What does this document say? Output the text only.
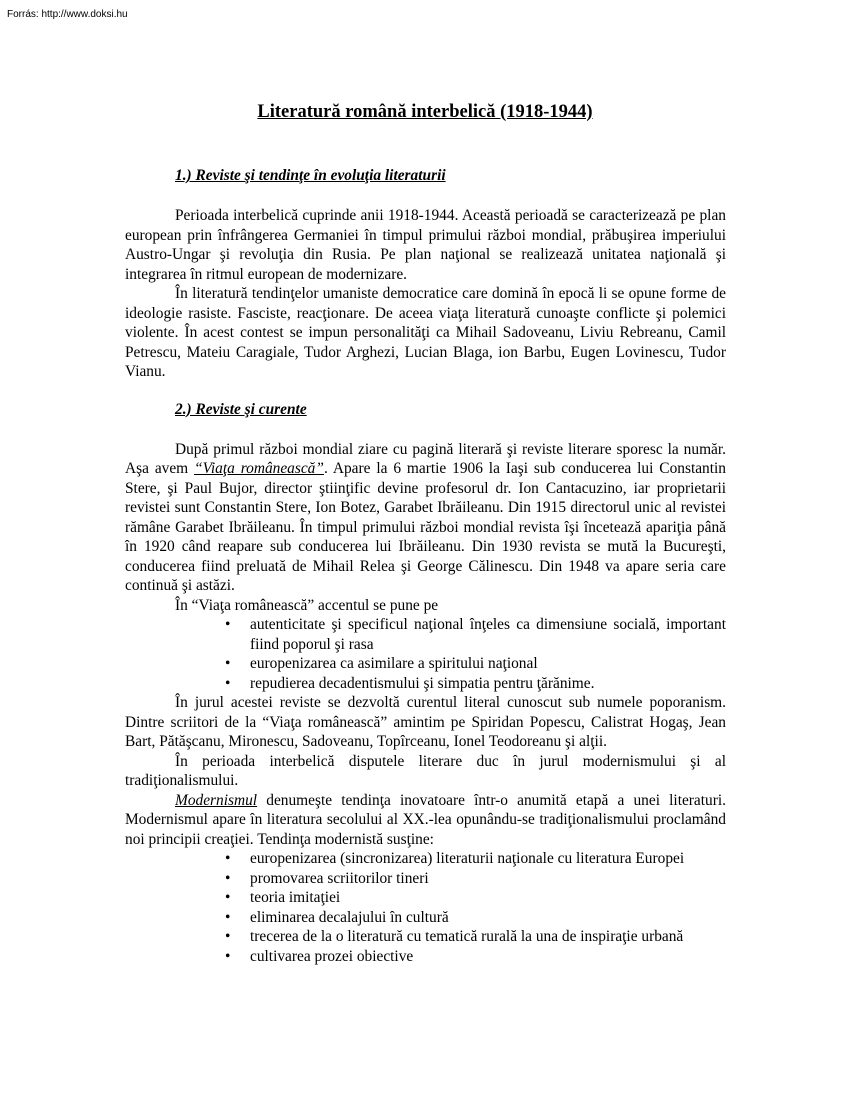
Forrás: http://www.doksi.hu
Literatură română interbelică (1918-1944)
1.) Reviste şi tendinţe în evoluţia literaturii

Perioada interbelică cuprinde anii 1918-1944. Această perioadă se caracterizează pe plan european prin înfrângerea Germaniei în timpul primului război mondial, prăbuşirea imperiului Austro-Ungar şi revoluţia din Rusia. Pe plan naţional se realizează unitatea naţională şi integrarea în ritmul european de modernizare.

În literatură tendinţelor umaniste democratice care domină în epocă li se opune forme de ideologie rasiste. Fasciste, reacţionare. De aceea viaţa literatură cunoaşte conflicte şi polemici violente. În acest contest se impun personalităţi ca Mihail Sadoveanu, Liviu Rebreanu, Camil Petrescu, Mateiu Caragiale, Tudor Arghezi, Lucian Blaga, ion Barbu, Eugen Lovinescu, Tudor Vianu.

2.) Reviste şi curente

După primul război mondial ziare cu pagină literară şi reviste literare sporesc la număr. Aşa avem “Viaţa românească”. Apare la 6 martie 1906 la Iaşi sub conducerea lui Constantin Stere, şi Paul Bujor, director ştiinţific devine profesorul dr. Ion Cantacuzino, iar proprietarii revistei sunt Constantin Stere, Ion Botez, Garabet Ibrăileanu. Din 1915 directorul unic al revistei rămâne Garabet Ibrăileanu. În timpul primului război mondial revista îşi încetează apariţia până în 1920 când reapare sub conducerea lui Ibrăileanu. Din 1930 revista se mută la Bucureşti, conducerea fiind preluată de Mihail Relea şi George Călinescu. Din 1948 va apare seria care continuă şi astăzi.

În “Viaţa românească” accentul se pune pe

• autenticitate şi specificul naţional înţeles ca dimensiune socială, important fiind poporul şi rasa
• europenizarea ca asimilare a spiritului naţional
• repudierea decadentismului şi simpatia pentru ţărănime.

În jurul acestei reviste se dezvoltă curentul literal cunoscut sub numele poporanism. Dintre scriitori de la “Viaţa românească” amintim pe Spiridan Popescu, Calistrat Hogaş, Jean Bart, Pătăşcanu, Mironescu, Sadoveanu, Topîrceanu, Ionel Teodoreanu şi alţii.

În perioada interbelică disputele literare duc în jurul modernismului şi al tradiţionalismului.

Modernismul denumeşte tendinţa inovatoare într-o anumită etapă a unei literaturi. Modernismul apare în literatura secolului al XX.-lea opunându-se tradiţionalismului proclamând noi principii creaţiei. Tendinţa modernistă susţine:

• europenizarea (sincronizarea) literaturii naţionale cu literatura Europei
• promovarea scriitorilor tineri
• teoria imitaţiei
• eliminarea decalajului în cultură
• trecerea de la o literatură cu tematică rurală la una de inspiraţie urbană
• cultivarea prozei obiective
